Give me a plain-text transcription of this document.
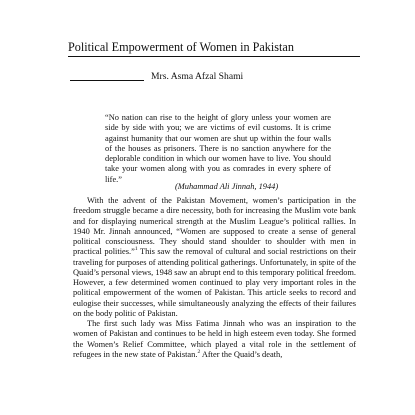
Political Empowerment of Women in Pakistan
Mrs. Asma Afzal Shami

“No nation can rise to the height of glory unless your women are side by side with you; we are victims of evil customs. It is crime against humanity that our women are shut up within the four walls of the houses as prisoners. There is no sanction anywhere for the deplorable condition in which our women have to live. You should take your women along with you as comrades in every sphere of life.”

(Muhammad Ali Jinnah, 1944)

With the advent of the Pakistan Movement, women’s participation in the freedom struggle became a dire necessity, both for increasing the Muslim vote bank and for displaying numerical strength at the Muslim League’s political rallies. In 1940 Mr. Jinnah announced, “Women are supposed to create a sense of general political consciousness. They should stand shoulder to shoulder with men in practical polities.”$^1$ This saw the removal of cultural and social restrictions on their traveling for purposes of attending political gatherings. Unfortunately, in spite of the Quaid’s personal views, 1948 saw an abrupt end to this temporary political freedom. However, a few determined women continued to play very important roles in the political empowerment of the women of Pakistan. This article seeks to record and eulogise their successes, while simultaneously analyzing the effects of their failures on the body politic of Pakistan.

The first such lady was Miss Fatima Jinnah who was an inspiration to the women of Pakistan and continues to be held in high esteem even today. She formed the Women’s Relief Committee, which played a vital role in the settlement of refugees in the new state of Pakistan.$^2$ After the Quaid’s death,
